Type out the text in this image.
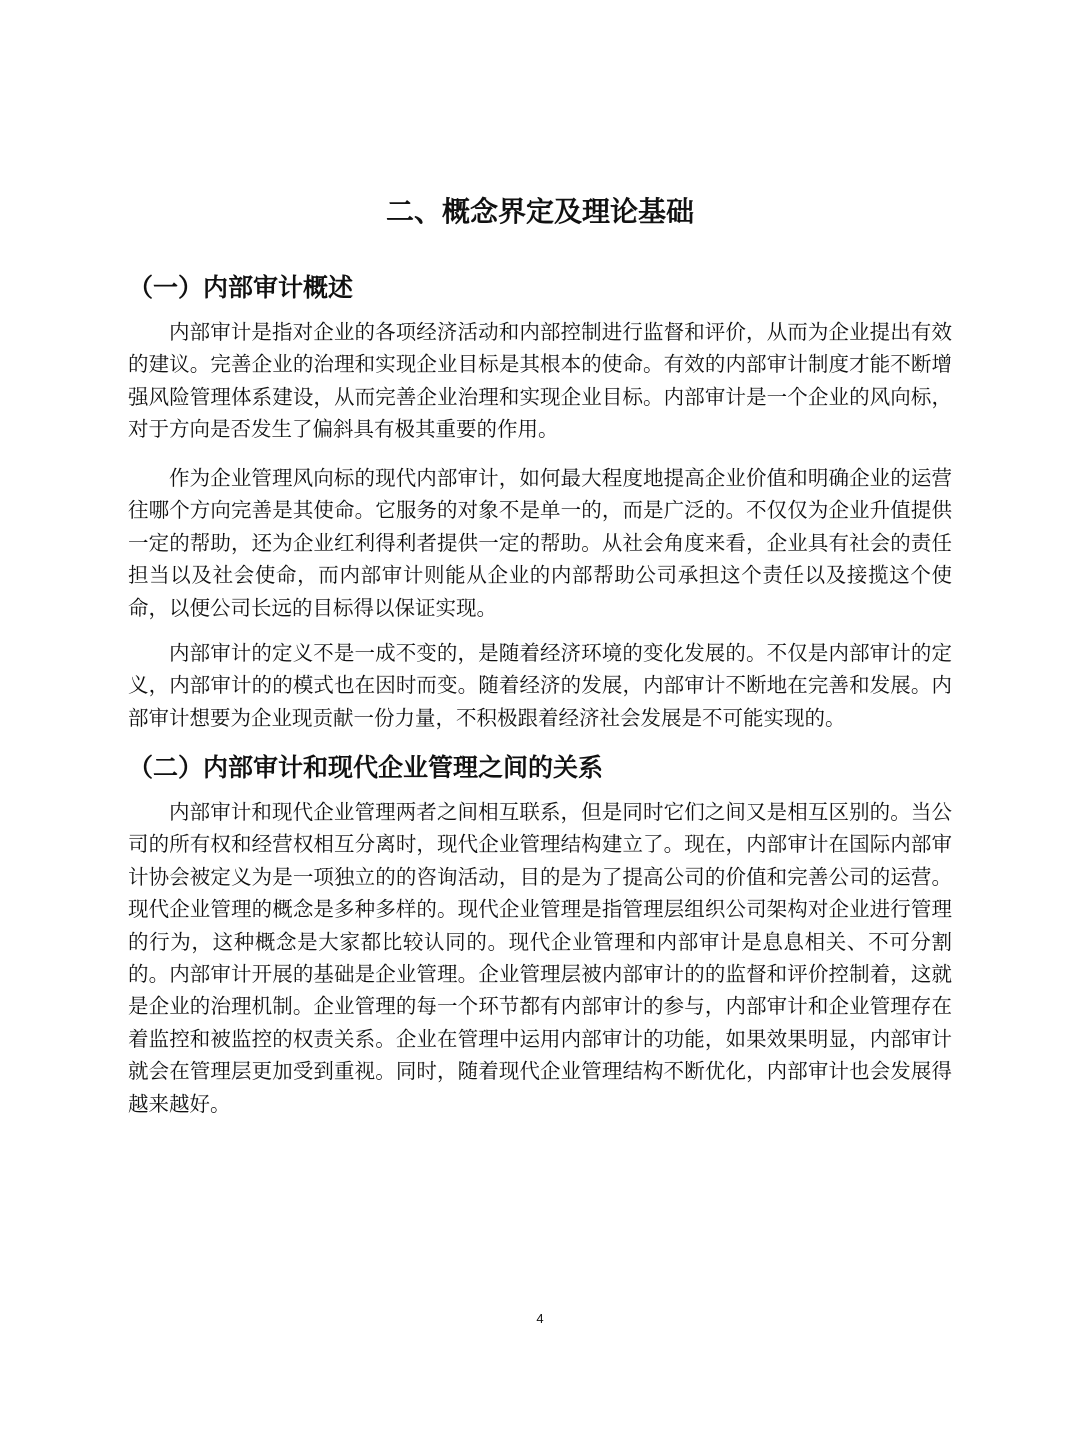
二、概念界定及理论基础
（一）内部审计概述

内部审计是指对企业的各项经济活动和内部控制进行监督和评价，从而为企业提出有效的建议。完善企业的治理和实现企业目标是其根本的使命。有效的内部审计制度才能不断增强风险管理体系建设，从而完善企业治理和实现企业目标。内部审计是一个企业的风向标，对于方向是否发生了偏斜具有极其重要的作用。

作为企业管理风向标的现代内部审计，如何最大程度地提高企业价值和明确企业的运营往哪个方向完善是其使命。它服务的对象不是单一的，而是广泛的。不仅仅为企业升值提供一定的帮助，还为企业红利得利者提供一定的帮助。从社会角度来看，企业具有社会的责任担当以及社会使命，而内部审计则能从企业的内部帮助公司承担这个责任以及接揽这个使命，以便公司长远的目标得以保证实现。

内部审计的定义不是一成不变的，是随着经济环境的变化发展的。不仅是内部审计的定义，内部审计的的模式也在因时而变。随着经济的发展，内部审计不断地在完善和发展。内部审计想要为企业现贡献一份力量，不积极跟着经济社会发展是不可能实现的。

（二）内部审计和现代企业管理之间的关系

内部审计和现代企业管理两者之间相互联系，但是同时它们之间又是相互区别的。当公司的所有权和经营权相互分离时，现代企业管理结构建立了。现在，内部审计在国际内部审计协会被定义为是一项独立的的咨询活动，目的是为了提高公司的价值和完善公司的运营。现代企业管理的概念是多种多样的。现代企业管理是指管理层组织公司架构对企业进行管理的行为，这种概念是大家都比较认同的。现代企业管理和内部审计是息息相关、不可分割的。内部审计开展的基础是企业管理。企业管理层被内部审计的的监督和评价控制着，这就是企业的治理机制。企业管理的每一个环节都有内部审计的参与，内部审计和企业管理存在着监控和被监控的权责关系。企业在管理中运用内部审计的功能，如果效果明显，内部审计就会在管理层更加受到重视。同时，随着现代企业管理结构不断优化，内部审计也会发展得越来越好。

4
